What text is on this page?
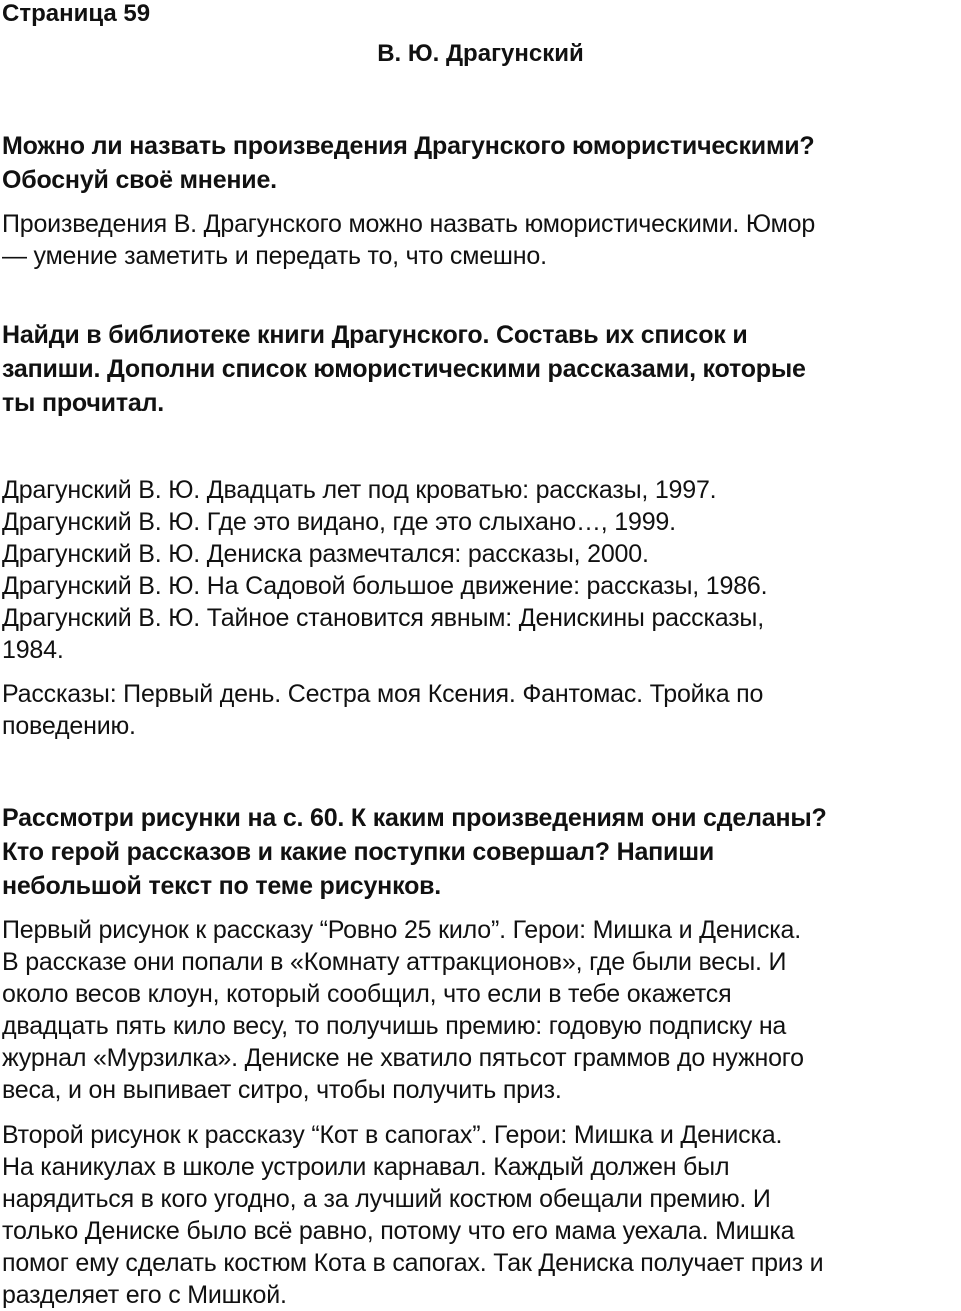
Страница 59
В. Ю. Драгунский
Можно ли назвать произведения Драгунского юмористическими?
Обоснуй своё мнение.
Произведения В. Драгунского можно назвать юмористическими. Юмор
— умение заметить и передать то, что смешно.
Найди в библиотеке книги Драгунского. Составь их список и
запиши. Дополни список юмористическими рассказами, которые
ты прочитал.
Драгунский В. Ю. Двадцать лет под кроватью: рассказы, 1997.
Драгунский В. Ю. Где это видано, где это слыхано…, 1999.
Драгунский В. Ю. Дениска размечтался: рассказы, 2000.
Драгунский В. Ю. На Садовой большое движение: рассказы, 1986.
Драгунский В. Ю. Тайное становится явным: Денискины рассказы,
1984.
Рассказы: Первый день. Сестра моя Ксения. Фантомас. Тройка по
поведению.
Рассмотри рисунки на с. 60. К каким произведениям они сделаны?
Кто герой рассказов и какие поступки совершал? Напиши
небольшой текст по теме рисунков.
Первый рисунок к рассказу “Ровно 25 кило”. Герои: Мишка и Дениска.
В рассказе они попали в «Комнату аттракционов», где были весы. И
около весов клоун, который сообщил, что если в тебе окажется
двадцать пять кило весу, то получишь премию: годовую подписку на
журнал «Мурзилка». Дениске не хватило пятьсот граммов до нужного
веса, и он выпивает ситро, чтобы получить приз.
Второй рисунок к рассказу “Кот в сапогах”. Герои: Мишка и Дениска.
На каникулах в школе устроили карнавал. Каждый должен был
нарядиться в кого угодно, а за лучший костюм обещали премию. И
только Дениске было всё равно, потому что его мама уехала. Мишка
помог ему сделать костюм Кота в сапогах. Так Дениска получает приз и
разделяет его с Мишкой.
